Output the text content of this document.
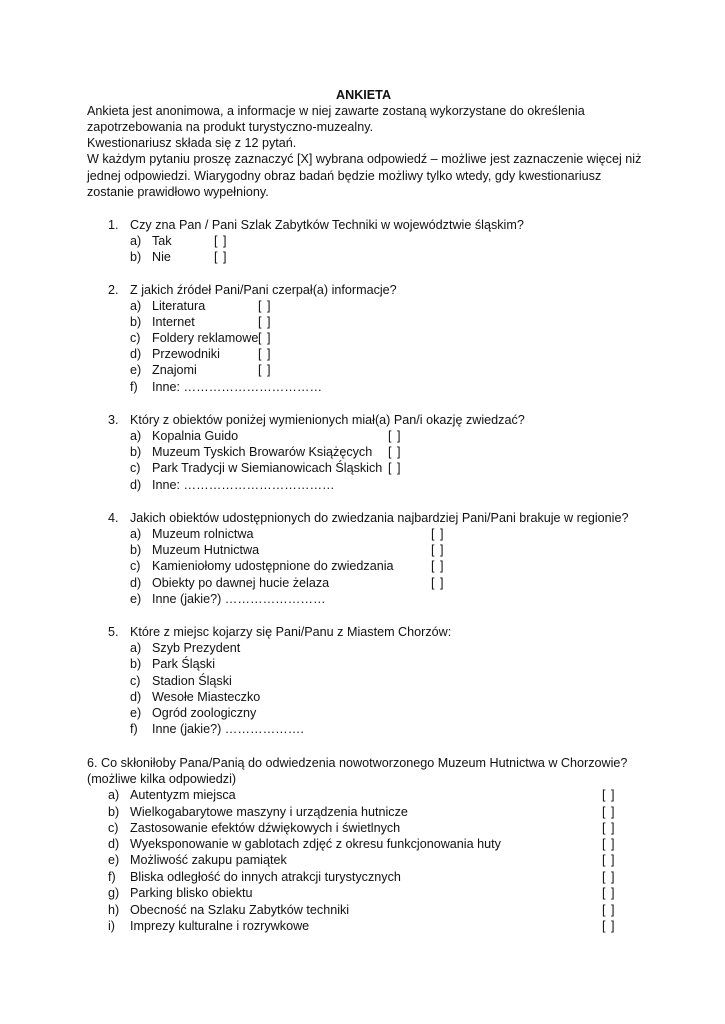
ANKIETA
Ankieta jest anonimowa, a informacje w niej zawarte zostaną wykorzystane do określenia
zapotrzebowania na produkt turystyczno-muzealny.
Kwestionariusz składa się z 12 pytań.
W każdym pytaniu proszę zaznaczyć [X] wybrana odpowiedź – możliwe jest zaznaczenie więcej niż
jednej odpowiedzi. Wiarygodny obraz badań będzie możliwy tylko wtedy, gdy kwestionariusz
zostanie prawidłowo wypełniony.
1. Czy zna Pan / Pani Szlak Zabytków Techniki w województwie śląskim?
a) Tak	[ ]
b) Nie	[ ]
2. Z jakich źródeł Pani/Pani czerpał(a) informacje?
a) Literatura	[ ]
b) Internet	[ ]
c) Foldery reklamowe [ ]
d) Przewodniki	[ ]
e) Znajomi	[ ]
f) Inne: ……………………………
3. Który z obiektów poniżej wymienionych miał(a) Pan/i okazję zwiedzać?
a) Kopalnia Guido	[ ]
b) Muzeum Tyskich Browarów Książęcych [ ]
c) Park Tradycji w Siemianowicach Śląskich [ ]
d) Inne: ………………………………
4. Jakich obiektów udostępnionych do zwiedzania najbardziej Pani/Pani brakuje w regionie?
a) Muzeum rolnictwa	[ ]
b) Muzeum Hutnictwa	[ ]
c) Kamieniołomy udostępnione do zwiedzania	[ ]
d) Obiekty po dawnej hucie żelaza	[ ]
e) Inne (jakie?) ……………………
5. Które z miejsc kojarzy się Pani/Panu z Miastem Chorzów:
a) Szyb Prezydent
b) Park Śląski
c) Stadion Śląski
d) Wesołe Miasteczko
e) Ogród zoologiczny
f) Inne (jakie?) ……………….
6. Co skłoniłoby Pana/Panią do odwiedzenia nowotworzonego Muzeum Hutnictwa w Chorzowie?
(możliwe kilka odpowiedzi)
a) Autentyzm miejsca	[ ]
b) Wielkogabarytowe maszyny i urządzenia hutnicze	[ ]
c) Zastosowanie efektów dźwiękowych i świetlnych	[ ]
d) Wyeksponowanie w gablotach zdjęć z okresu funkcjonowania huty	[ ]
e) Możliwość zakupu pamiątek	[ ]
f) Bliska odległość do innych atrakcji turystycznych	[ ]
g) Parking blisko obiektu	[ ]
h) Obecność na Szlaku Zabytków techniki	[ ]
i) Imprezy kulturalne i rozrywkowe	[ ]
